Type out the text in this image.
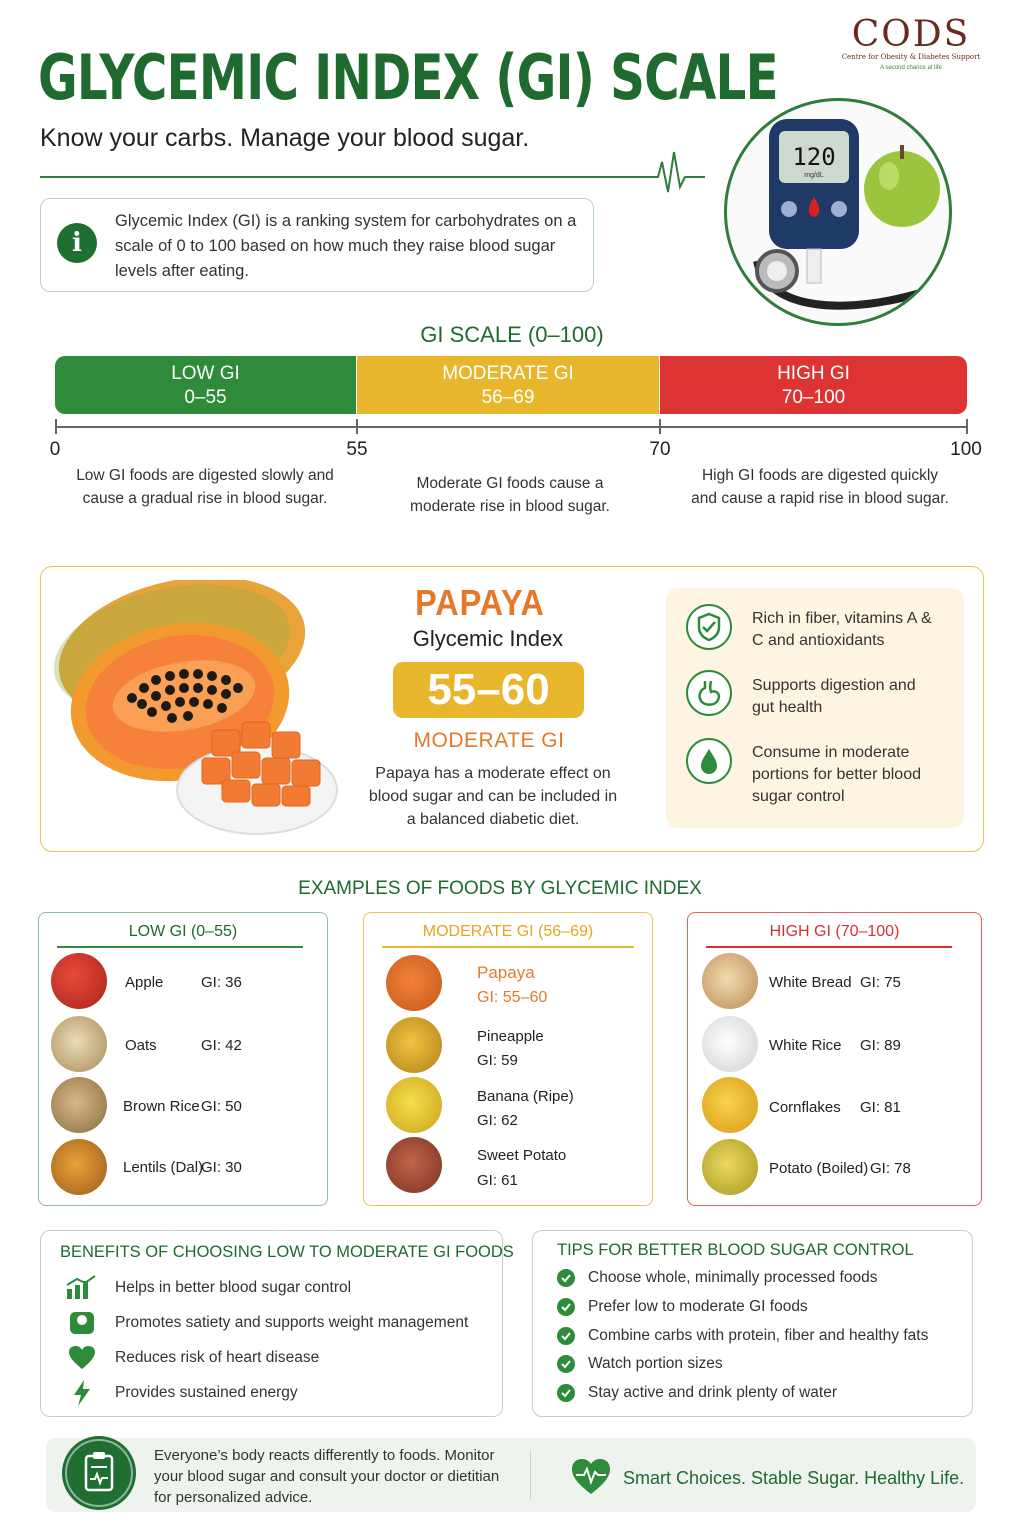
GLYCEMIC INDEX (GI) SCALE
Know your carbs. Manage your blood sugar.
CODS
Centre for Obesity & Diabetes Support
A second chance at life
i
Glycemic Index (GI) is a ranking system for carbohydrates on a scale of 0 to 100 based on how much they raise blood sugar levels after eating.
120
mg/dL
GI SCALE (0–100)
LOW GI
0–55
MODERATE GI
56–69
HIGH GI
70–100
0	55	70	100
Low GI foods are digested slowly and cause a gradual rise in blood sugar.
Moderate GI foods cause a moderate rise in blood sugar.
High GI foods are digested quickly and cause a rapid rise in blood sugar.
PAPAYA
Glycemic Index
55–60
MODERATE GI
Papaya has a moderate effect on blood sugar and can be included in a balanced diabetic diet.
Rich in fiber, vitamins A & C and antioxidants
Supports digestion and gut health
Consume in moderate portions for better blood sugar control
EXAMPLES OF FOODS BY GLYCEMIC INDEX
LOW GI (0–55)
Apple	GI: 36
Oats	GI: 42
Brown Rice GI: 50
Lentils (Dal)
GI: 30
MODERATE GI (56–69)
Papaya
GI: 55–60
Pineapple
GI: 59
Banana (Ripe)
GI: 62
Sweet Potato
GI: 61
HIGH GI (70–100)
White Bread GI: 75
White Rice GI: 89
Cornflakes GI: 81
Potato (Boiled) GI: 78
BENEFITS OF CHOOSING LOW TO MODERATE GI FOODS
Helps in better blood sugar control
Promotes satiety and supports weight management
Reduces risk of heart disease
Provides sustained energy
TIPS FOR BETTER BLOOD SUGAR CONTROL
Choose whole, minimally processed foods
Prefer low to moderate GI foods
Combine carbs with protein, fiber and healthy fats
Watch portion sizes
Stay active and drink plenty of water
Everyone’s body reacts differently to foods. Monitor your blood sugar and consult your doctor or dietitian for personalized advice.
Smart Choices. Stable Sugar. Healthy Life.
